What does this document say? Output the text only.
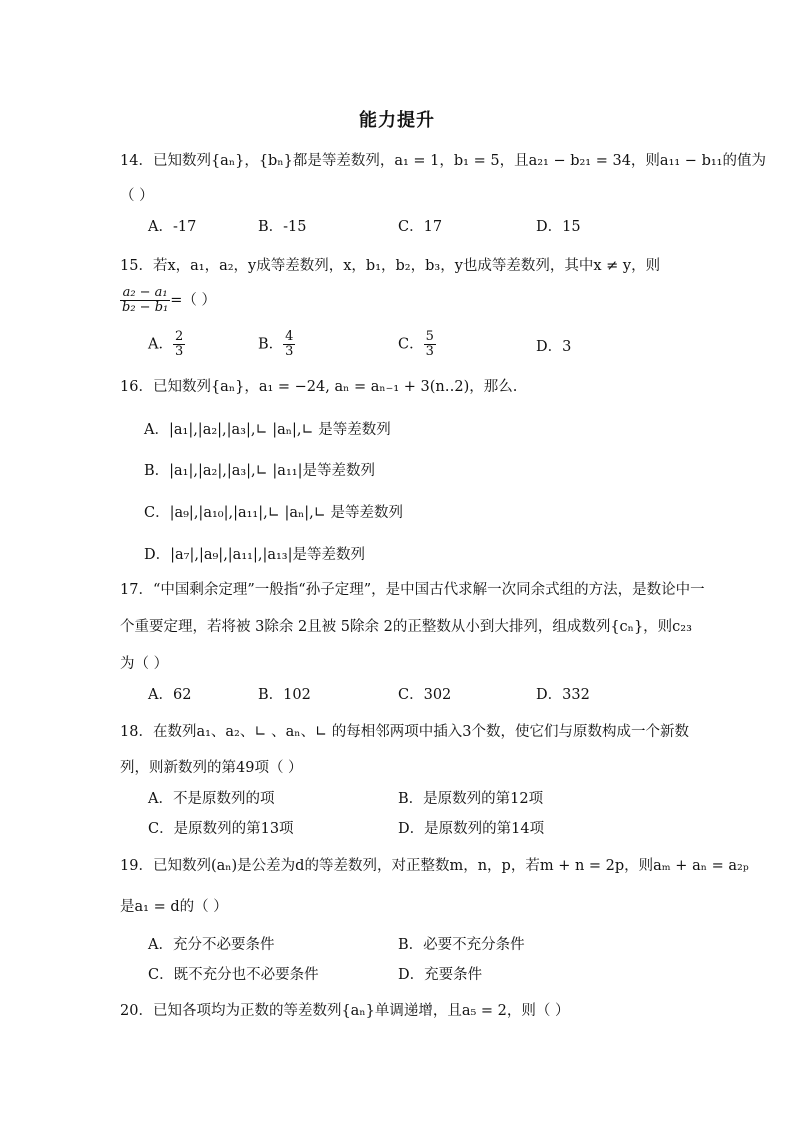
能力提升
14．已知数列{aₙ}，{bₙ}都是等差数列，a₁ = 1，b₁ = 5，且a₂₁ − b₂₁ = 34，则a₁₁ − b₁₁的值为
（ ）
A．-17	B．-15	C．17	D．15
15．若x，a₁，a₂，y成等差数列，x，b₁，b₂，b₃，y也成等差数列，其中x ≠ y，则
$\frac{\text{a₂ − a₁}}{\text{b₂ − b₁}}$ =（ ）
A． $\frac{2}{3}$	B． $\frac{4}{3}$	C． $\frac{5}{3}$	D．3
16．已知数列{aₙ}，a₁ = −24, aₙ = aₙ₋₁ + 3(n‥2)，那么.
A．|a₁|,|a₂|,|a₃|,∟ |aₙ|,∟ 是等差数列
B．|a₁|,|a₂|,|a₃|,∟ |a₁₁|是等差数列
C．|a₉|,|a₁₀|,|a₁₁|,∟ |aₙ|,∟ 是等差数列
D．|a₇|,|a₉|,|a₁₁|,|a₁₃|是等差数列
17．“中国剩余定理”一般指“孙子定理”，是中国古代求解一次同余式组的方法，是数论中一
个重要定理，若将被 3除余 2且被 5除余 2的正整数从小到大排列，组成数列{cₙ}，则c₂₃
为（ ）
A．62	B．102	C．302	D．332
18．在数列a₁、a₂、∟ 、aₙ、∟ 的每相邻两项中插入3个数，使它们与原数构成一个新数
列，则新数列的第49项（ ）
A．不是原数列的项	B．是原数列的第12项
C．是原数列的第13项	D．是原数列的第14项
19．已知数列(aₙ)是公差为d的等差数列，对正整数m，n，p，若m + n = 2p，则aₘ + aₙ = a₂ₚ
是a₁ = d的（ ）
A．充分不必要条件	B．必要不充分条件
C．既不充分也不必要条件	D．充要条件
20．已知各项均为正数的等差数列{aₙ}单调递增，且a₅ = 2，则（ ）
